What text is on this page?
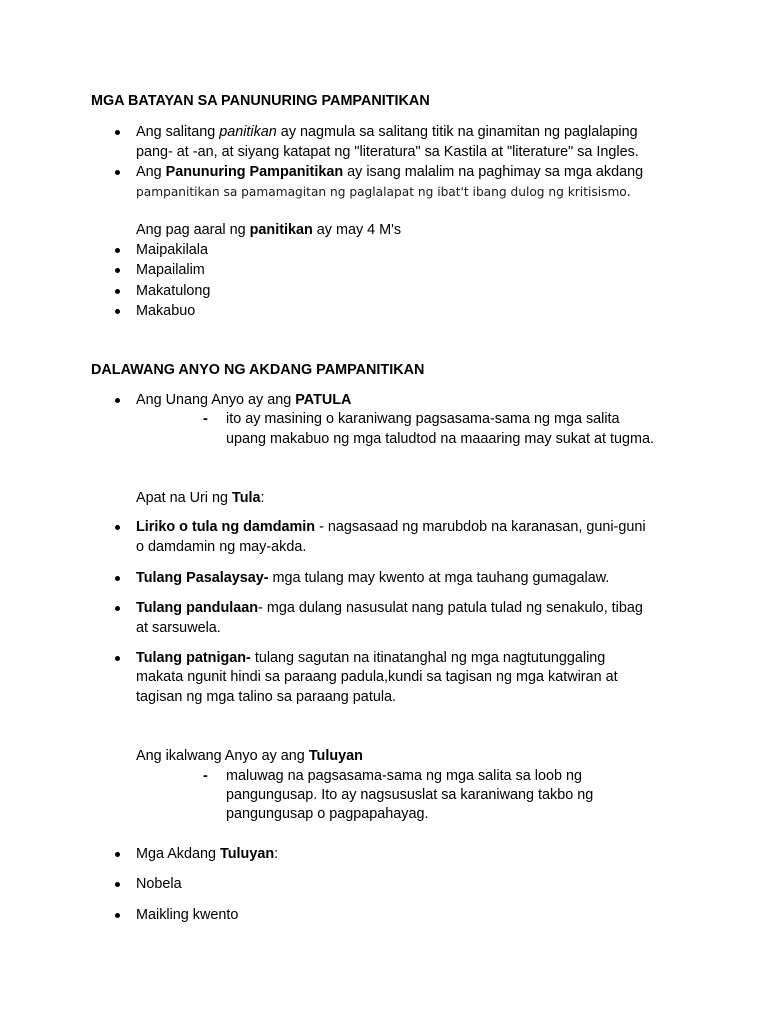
MGA BATAYAN SA PANUNURING PAMPANITIKAN
Ang salitang panitikan ay nagmula sa salitang titik na ginamitan ng paglalaping
pang- at -an, at siyang katapat ng "literatura" sa Kastila at "literature" sa Ingles.
Ang Panunuring Pampanitikan ay isang malalim na paghimay sa mga akdang
pampanitikan sa pamamagitan ng paglalapat ng ibat't ibang dulog ng kritisismo.
Ang pag aaral ng panitikan ay may 4 M's
Maipakilala
Mapailalim
Makatulong
Makabuo
DALAWANG ANYO NG AKDANG PAMPANITIKAN
Ang Unang Anyo ay ang PATULA
- ito ay masining o karaniwang pagsasama-sama ng mga salita
upang makabuo ng mga taludtod na maaaring may sukat at tugma.
Apat na Uri ng Tula:
Liriko o tula ng damdamin - nagsasaad ng marubdob na karanasan, guni-guni
o damdamin ng may-akda.
Tulang Pasalaysay- mga tulang may kwento at mga tauhang gumagalaw.
Tulang pandulaan- mga dulang nasusulat nang patula tulad ng senakulo, tibag
at sarsuwela.
Tulang patnigan- tulang sagutan na itinatanghal ng mga nagtutunggaling
makata ngunit hindi sa paraang padula,kundi sa tagisan ng mga katwiran at
tagisan ng mga talino sa paraang patula.
Ang ikalwang Anyo ay ang Tuluyan
- maluwag na pagsasama-sama ng mga salita sa loob ng
pangungusap. Ito ay nagsususlat sa karaniwang takbo ng
pangungusap o pagpapahayag.
Mga Akdang Tuluyan:
Nobela
Maikling kwento
